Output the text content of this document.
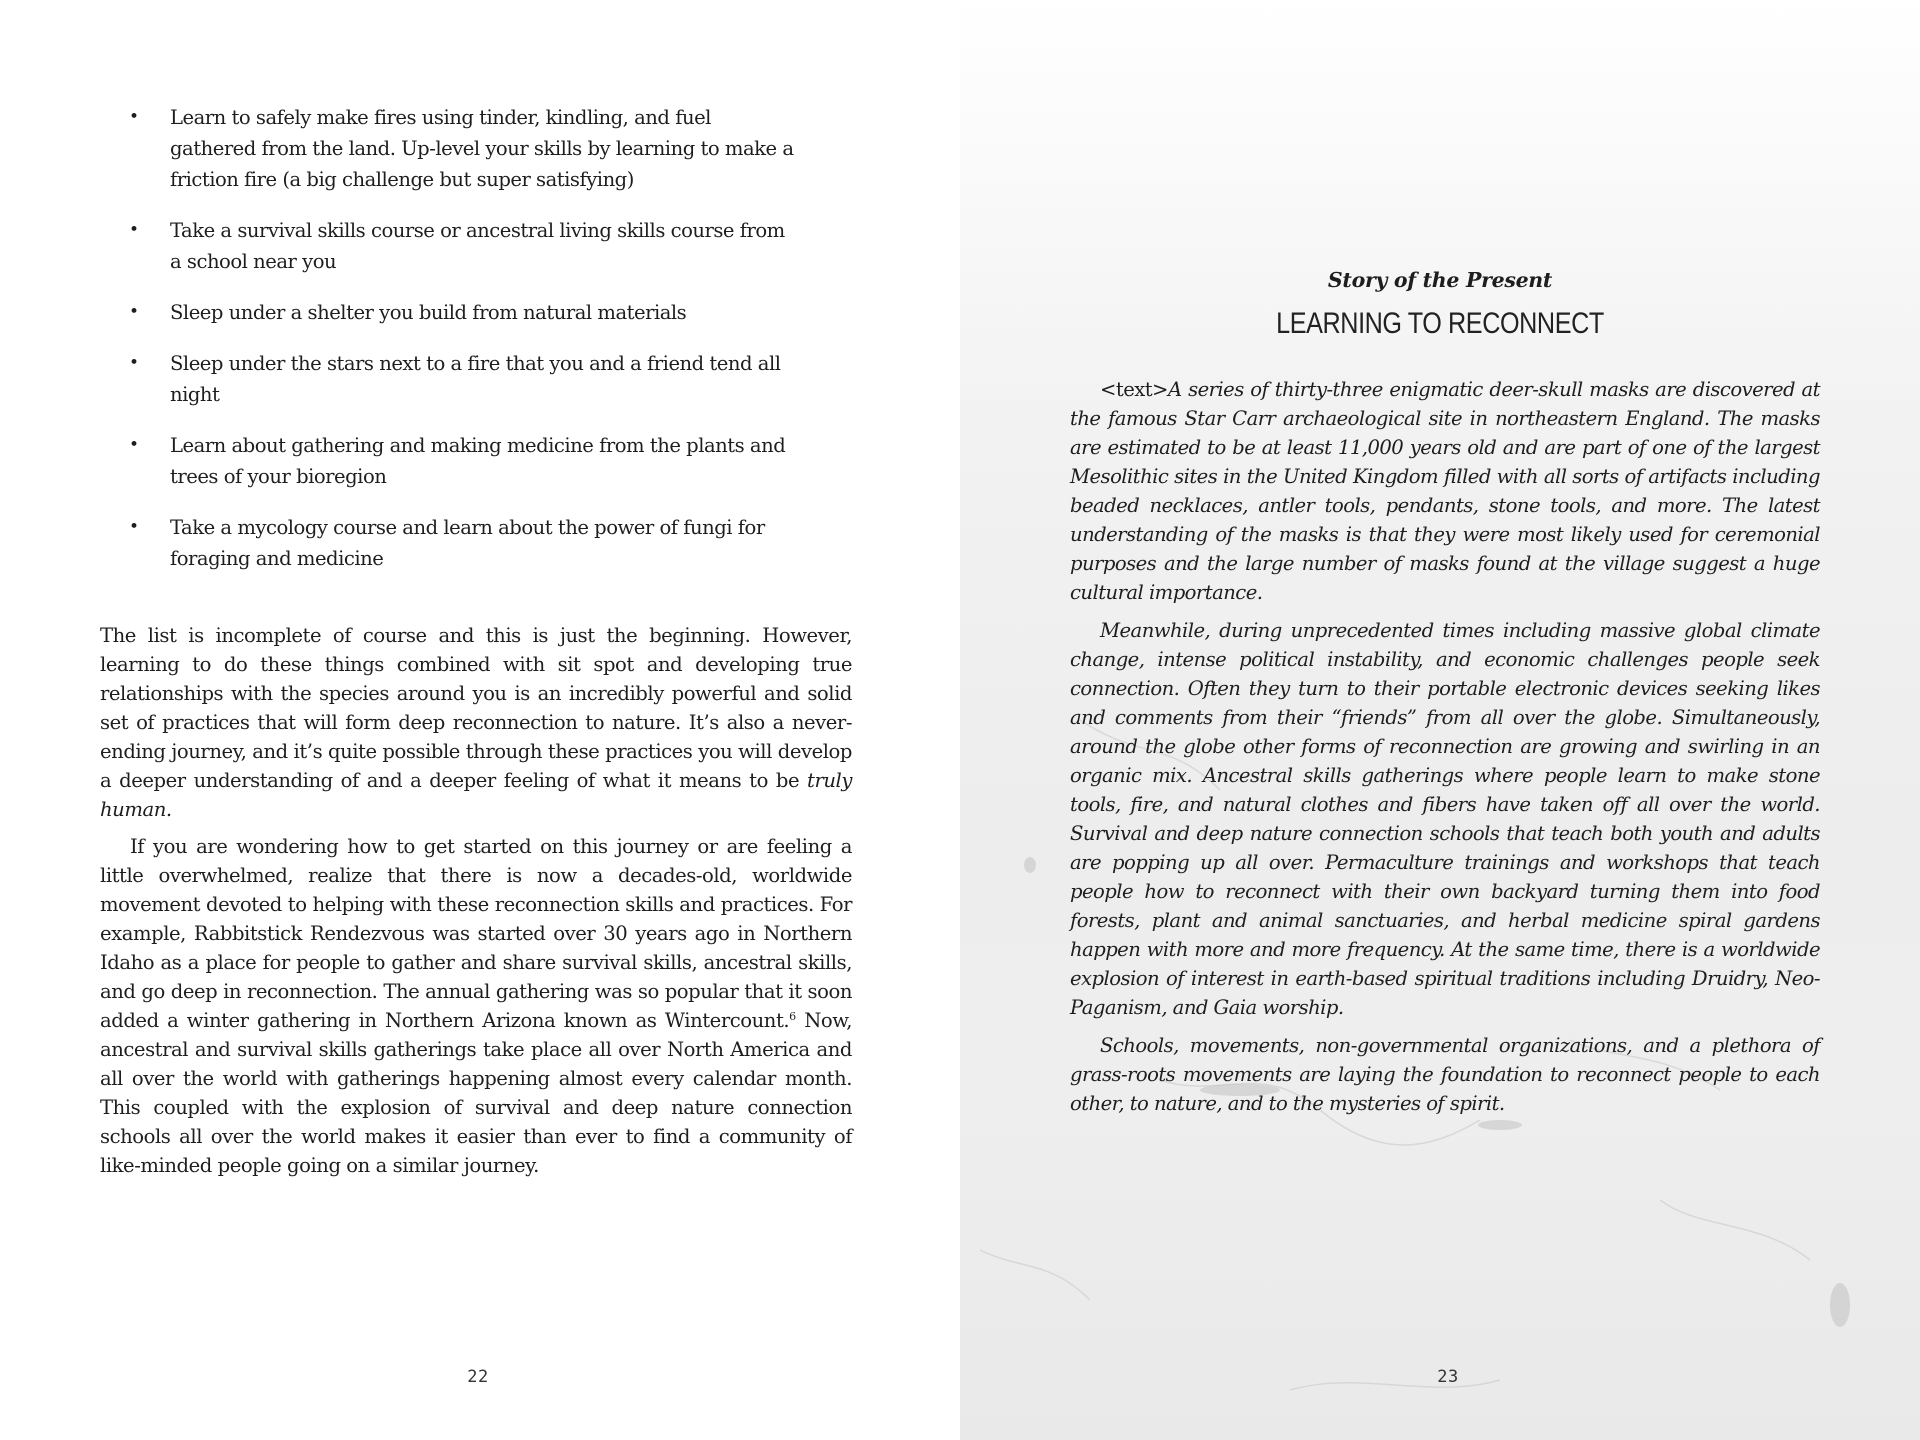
• Learn to safely make fires using tinder, kindling, and fuel gathered from the land. Up-level your skills by learning to make a friction fire (a big challenge but super satisfying)
• Take a survival skills course or ancestral living skills course from a school near you
• Sleep under a shelter you build from natural materials
• Sleep under the stars next to a fire that you and a friend tend all night
• Learn about gathering and making medicine from the plants and trees of your bioregion
• Take a mycology course and learn about the power of fungi for foraging and medicine

The list is incomplete of course and this is just the beginning. However, learning to do these things combined with sit spot and developing true relationships with the species around you is an incredibly powerful and solid set of practices that will form deep reconnection to nature. It’s also a never-ending journey, and it’s quite possible through these practices you will develop a deeper understanding of and a deeper feeling of what it means to be truly human.

If you are wondering how to get started on this journey or are feeling a little overwhelmed, realize that there is now a decades-old, worldwide movement devoted to helping with these reconnection skills and practices. For example, Rabbitstick Rendezvous was started over 30 years ago in Northern Idaho as a place for people to gather and share survival skills, ancestral skills, and go deep in reconnection. The annual gathering was so popular that it soon added a winter gathering in Northern Arizona known as Wintercount.$^6$ Now, ancestral and survival skills gatherings take place all over North America and all over the world with gatherings happening almost every calendar month. This coupled with the explosion of survival and deep nature connection schools all over the world makes it easier than ever to find a community of like-minded people going on a similar journey.

22
Story of the Present
LEARNING TO RECONNECT

<text>A series of thirty-three enigmatic deer-skull masks are discovered at the famous Star Carr archaeological site in northeastern England. The masks are estimated to be at least 11,000 years old and are part of one of the largest Mesolithic sites in the United Kingdom filled with all sorts of artifacts including beaded necklaces, antler tools, pendants, stone tools, and more. The latest understanding of the masks is that they were most likely used for ceremonial purposes and the large number of masks found at the village suggest a huge cultural importance.

Meanwhile, during unprecedented times including massive global climate change, intense political instability, and economic challenges people seek connection. Often they turn to their portable electronic devices seeking likes and comments from their “friends” from all over the globe. Simultaneously, around the globe other forms of reconnection are growing and swirling in an organic mix. Ancestral skills gatherings where people learn to make stone tools, fire, and natural clothes and fibers have taken off all over the world. Survival and deep nature connection schools that teach both youth and adults are popping up all over. Permaculture trainings and workshops that teach people how to reconnect with their own backyard turning them into food forests, plant and animal sanctuaries, and herbal medicine spiral gardens happen with more and more frequency. At the same time, there is a worldwide explosion of interest in earth-based spiritual traditions including Druidry, Neo-Paganism, and Gaia worship.

Schools, movements, non-governmental organizations, and a plethora of grass-roots movements are laying the foundation to reconnect people to each other, to nature, and to the mysteries of spirit.

23
